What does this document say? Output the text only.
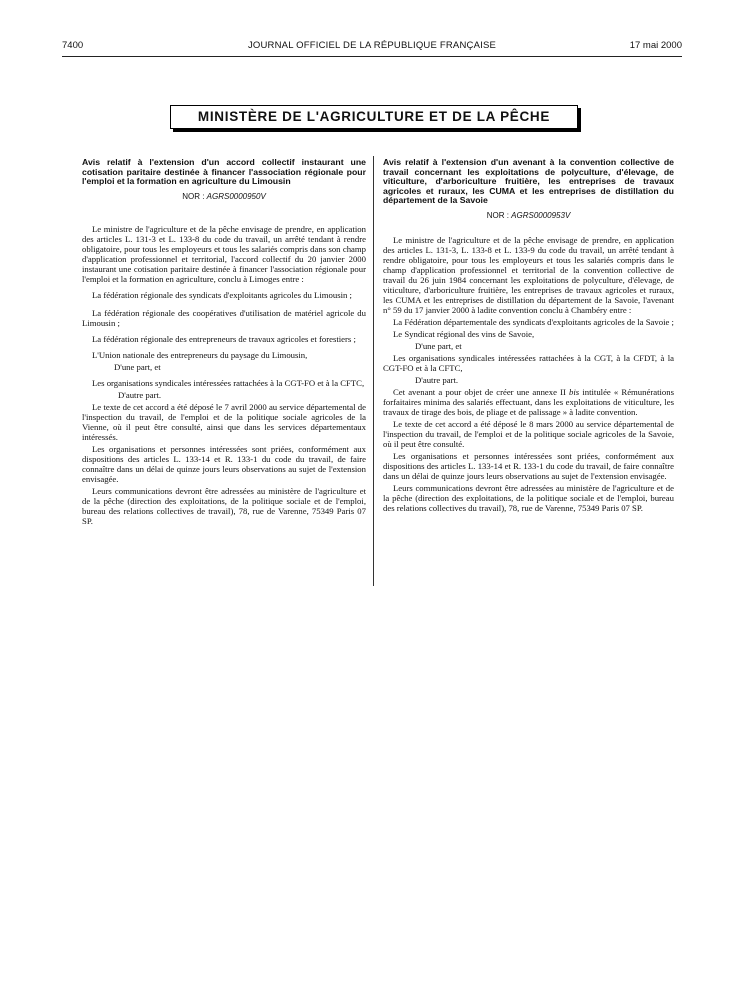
7400	JOURNAL OFFICIEL DE LA RÉPUBLIQUE FRANÇAISE	17 mai 2000
MINISTÈRE DE L'AGRICULTURE ET DE LA PÊCHE

Avis relatif à l'extension d'un accord collectif instaurant une cotisation paritaire destinée à financer l'association régionale pour l'emploi et la formation en agriculture du Limousin

NOR : AGRS0000950V

Le ministre de l'agriculture et de la pêche envisage de prendre, en application des articles L. 131-3 et L. 133-8 du code du travail, un arrêté tendant à rendre obligatoire, pour tous les employeurs et tous les salariés compris dans son champ d'application professionnel et territorial, l'accord collectif du 20 janvier 2000 instaurant une cotisation paritaire destinée à financer l'association régionale pour l'emploi et la formation en agriculture, conclu à Limoges entre :

La fédération régionale des syndicats d'exploitants agricoles du Limousin ;

La fédération régionale des coopératives d'utilisation de matériel agricole du Limousin ;

La fédération régionale des entrepreneurs de travaux agricoles et forestiers ;

L'Union nationale des entrepreneurs du paysage du Limousin,

D'une part, et

Les organisations syndicales intéressées rattachées à la CGT-FO et à la CFTC,

D'autre part.

Le texte de cet accord a été déposé le 7 avril 2000 au service départemental de l'inspection du travail, de l'emploi et de la politique sociale agricoles de la Vienne, où il peut être consulté, ainsi que dans les services départementaux intéressés.

Les organisations et personnes intéressées sont priées, conformément aux dispositions des articles L. 133-14 et R. 133-1 du code du travail, de faire connaître dans un délai de quinze jours leurs observations au sujet de l'extension envisagée.

Leurs communications devront être adressées au ministère de l'agriculture et de la pêche (direction des exploitations, de la politique sociale et de l'emploi, bureau des relations collectives de travail), 78, rue de Varenne, 75349 Paris 07 SP.

Avis relatif à l'extension d'un avenant à la convention collective de travail concernant les exploitations de polyculture, d'élevage, de viticulture, d'arboriculture fruitière, les entreprises de travaux agricoles et ruraux, les CUMA et les entreprises de distillation du département de la Savoie

NOR : AGRS0000953V

Le ministre de l'agriculture et de la pêche envisage de prendre, en application des articles L. 131-3, L. 133-8 et L. 133-9 du code du travail, un arrêté tendant à rendre obligatoire, pour tous les employeurs et tous les salariés compris dans le champ d'application professionnel et territorial de la convention collective de travail du 26 juin 1984 concernant les exploitations de polyculture, d'élevage, de viticulture, d'arboriculture fruitière, les entreprises de travaux agricoles et ruraux, les CUMA et les entreprises de distillation du département de la Savoie, l'avenant n° 59 du 17 janvier 2000 à ladite convention conclu à Chambéry entre :

La Fédération départementale des syndicats d'exploitants agricoles de la Savoie ;

Le Syndicat régional des vins de Savoie,

D'une part, et

Les organisations syndicales intéressées rattachées à la CGT, à la CFDT, à la CGT-FO et à la CFTC,

D'autre part.

Cet avenant a pour objet de créer une annexe II bis intitulée « Rémunérations forfaitaires minima des salariés effectuant, dans les exploitations de viticulture, les travaux de tirage des bois, de pliage et de palissage » à ladite convention.

Le texte de cet accord a été déposé le 8 mars 2000 au service départemental de l'inspection du travail, de l'emploi et de la politique sociale agricoles de la Savoie, où il peut être consulté.

Les organisations et personnes intéressées sont priées, conformément aux dispositions des articles L. 133-14 et R. 133-1 du code du travail, de faire connaître dans un délai de quinze jours leurs observations au sujet de l'extension envisagée.

Leurs communications devront être adressées au ministère de l'agriculture et de la pêche (direction des exploitations, de la politique sociale et de l'emploi, bureau des relations collectives du travail), 78, rue de Varenne, 75349 Paris 07 SP.
